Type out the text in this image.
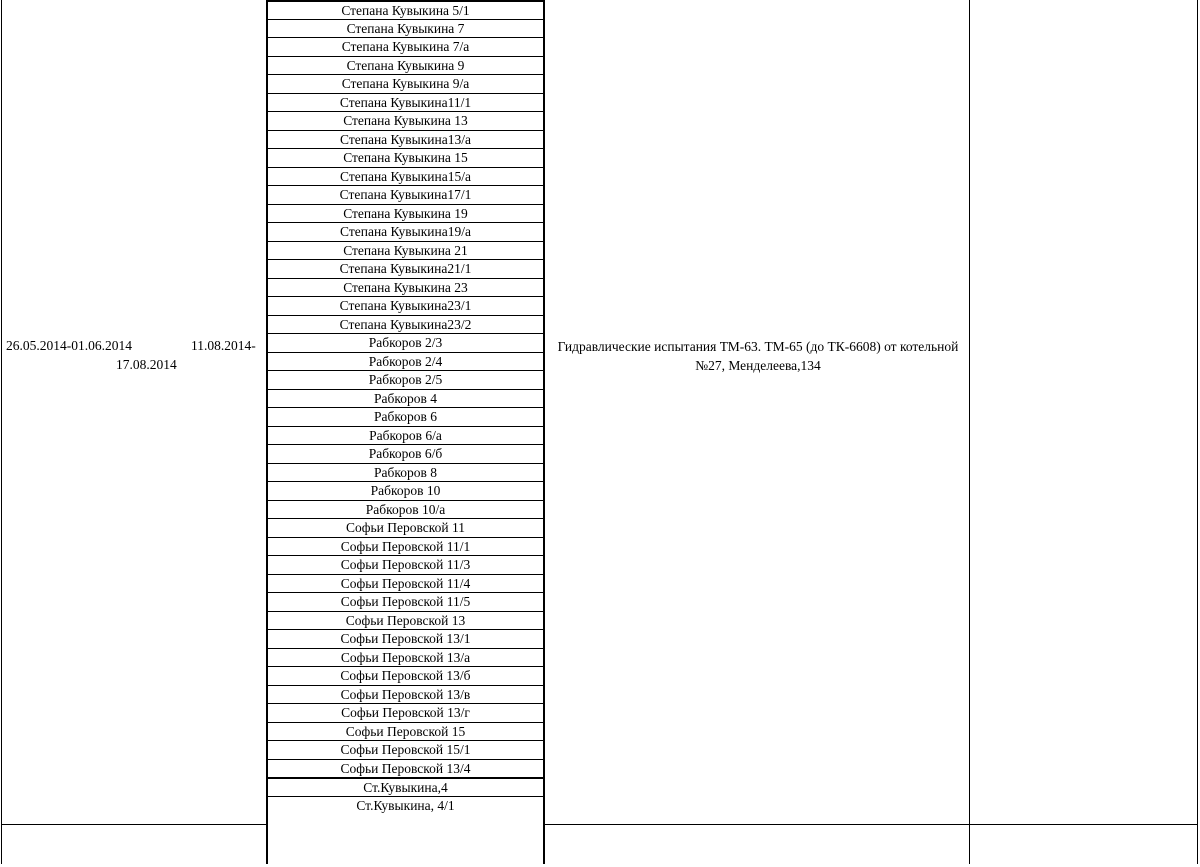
26.05.2014-01.06.2014	11.08.2014-
17.08.2014
Гидравлические испытания ТМ-63. ТМ-65 (до ТК-6608) от котельной №27, Менделеева,134
Степана Кувыкина 5/1
Степана Кувыкина 7
Степана Кувыкина 7/а
Степана Кувыкина 9
Степана Кувыкина 9/а
Степана Кувыкина11/1
Степана Кувыкина 13
Степана Кувыкина13/а
Степана Кувыкина 15
Степана Кувыкина15/а
Степана Кувыкина17/1
Степана Кувыкина 19
Степана Кувыкина19/а
Степана Кувыкина 21
Степана Кувыкина21/1
Степана Кувыкина 23
Степана Кувыкина23/1
Степана Кувыкина23/2
Рабкоров 2/3
Рабкоров 2/4
Рабкоров 2/5
Рабкоров 4
Рабкоров 6
Рабкоров 6/а
Рабкоров 6/б
Рабкоров 8
Рабкоров 10
Рабкоров 10/а
Софьи Перовской 11
Софьи Перовской 11/1
Софьи Перовской 11/3
Софьи Перовской 11/4
Софьи Перовской 11/5
Софьи Перовской 13
Софьи Перовской 13/1
Софьи Перовской 13/а
Софьи Перовской 13/б
Софьи Перовской 13/в
Софьи Перовской 13/г
Софьи Перовской 15
Софьи Перовской 15/1
Софьи Перовской 13/4
Ст.Кувыкина,4
Ст.Кувыкина, 4/1
